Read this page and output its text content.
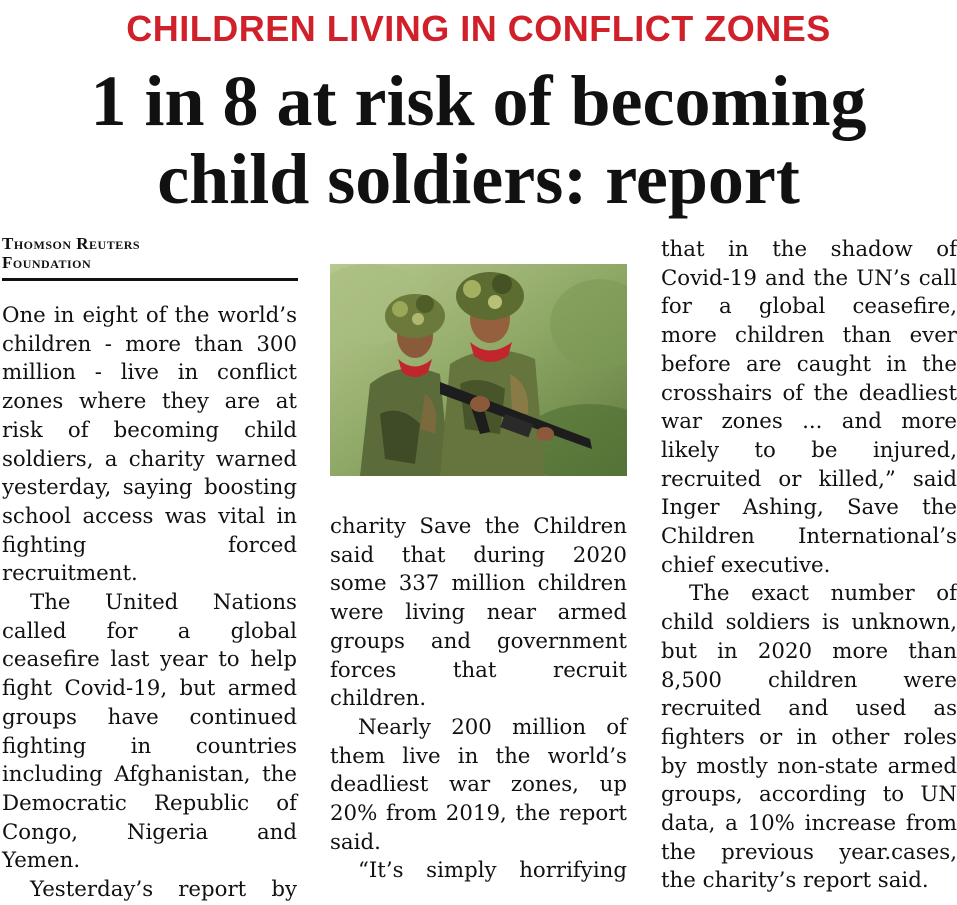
CHILDREN LIVING IN CONFLICT ZONES
1 in 8 at risk of becoming
child soldiers: report
Thomson Reuters
Foundation

One in eight of the world’s children - more than 300 million - live in conflict zones where they are at risk of becoming child soldiers, a charity warned yesterday, saying boosting school access was vital in fighting forced recruitment.

The United Nations called for a global ceasefire last year to help fight Covid-19, but armed groups have continued fighting in countries including Afghanistan, the Democratic Republic of Congo, Nigeria and Yemen.

Yesterday’s report by

charity Save the Children said that during 2020 some 337 million children were living near armed groups and government forces that recruit children.

Nearly 200 million of them live in the world’s deadliest war zones, up 20% from 2019, the report said.

“It’s simply horrifying

that in the shadow of Covid-19 and the UN’s call for a global ceasefire, more children than ever before are caught in the crosshairs of the deadliest war zones ... and more likely to be injured, recruited or killed,” said Inger Ashing, Save the Children International’s chief executive.

The exact number of child soldiers is unknown, but in 2020 more than 8,500 children were recruited and used as fighters or in other roles by mostly non-state armed groups, according to UN data, a 10% increase from the previous year.cases, the charity’s report said.
